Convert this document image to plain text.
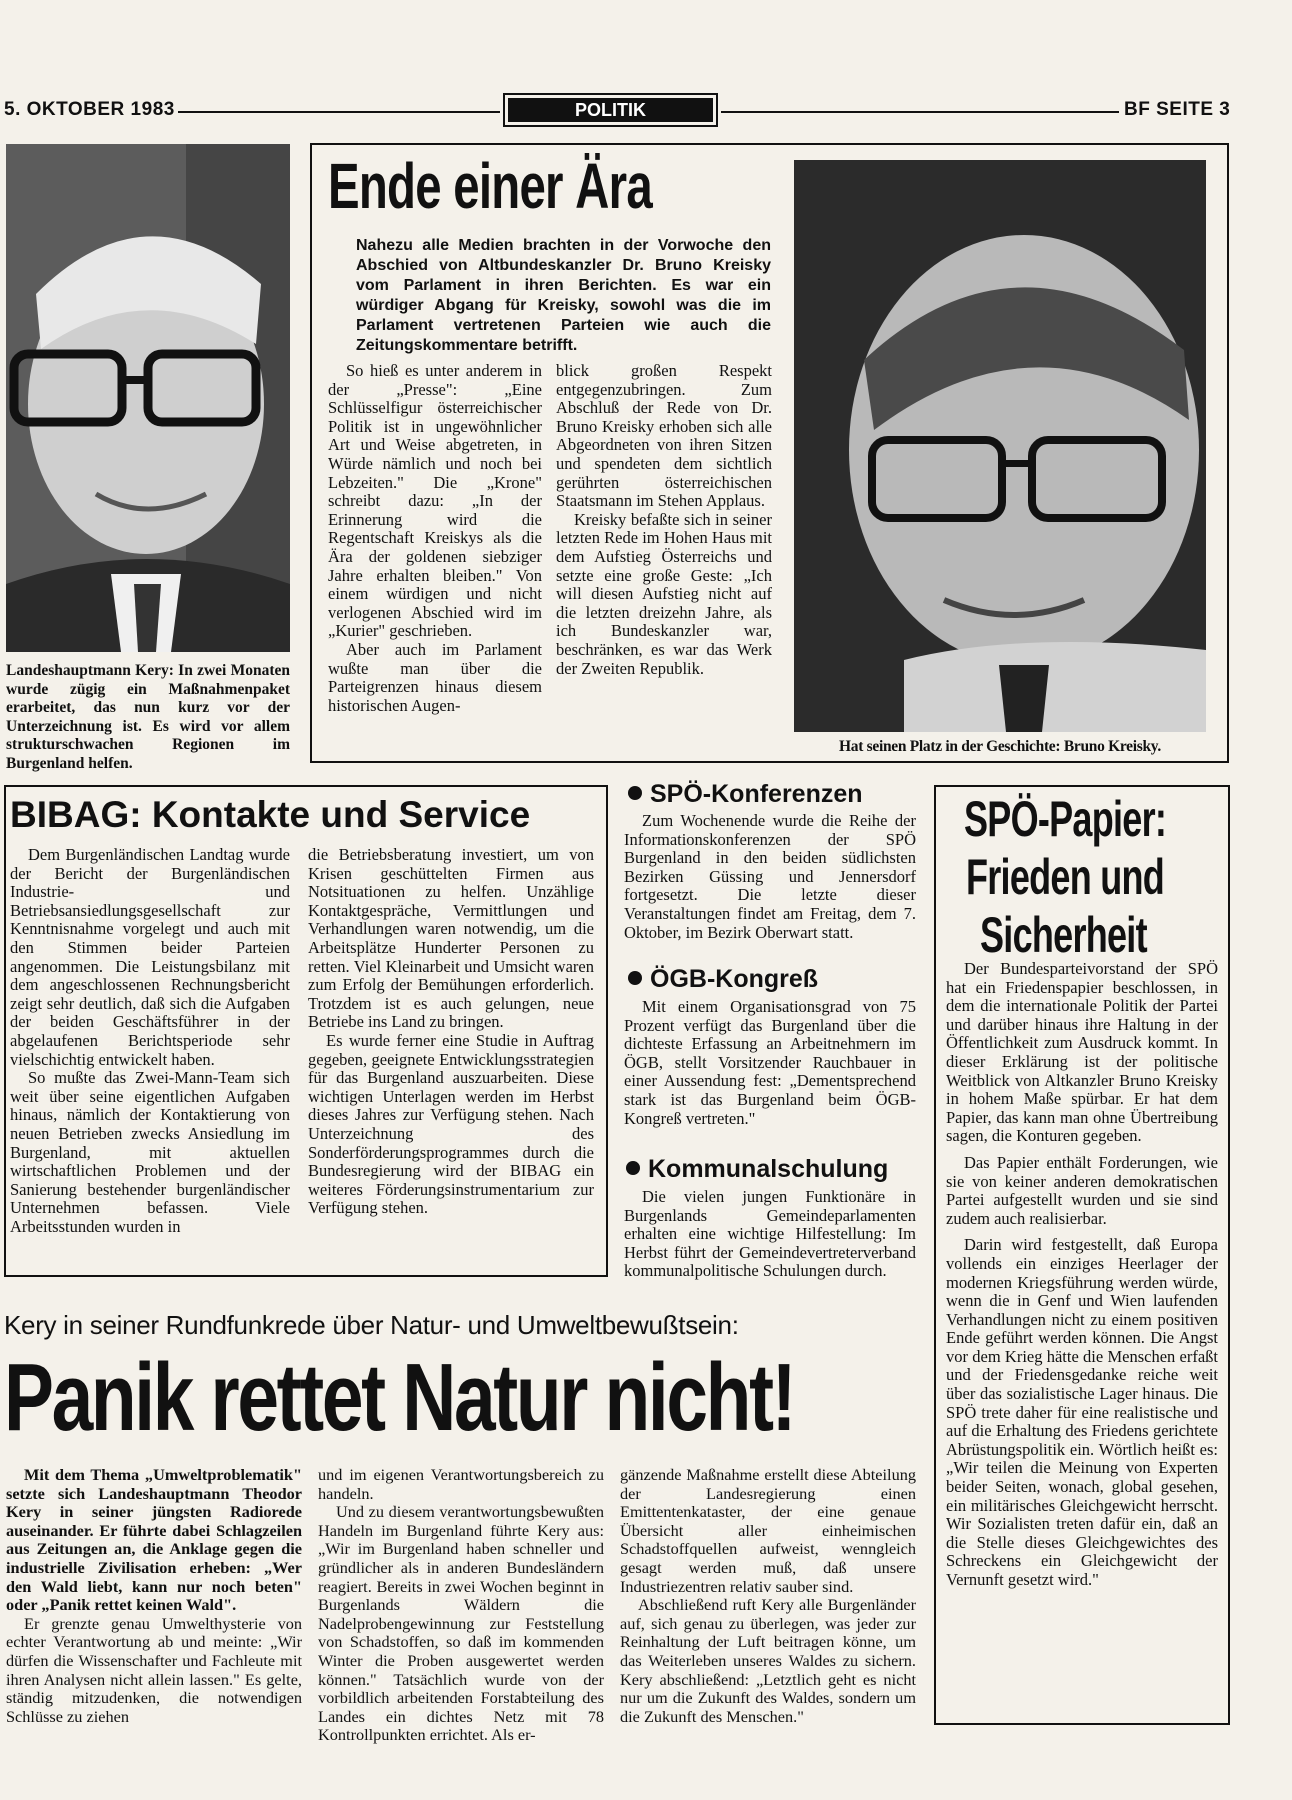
5. OKTOBER 1983	POLITIK	BF SEITE 3
Landeshauptmann Kery: In zwei Monaten wurde zügig ein Maßnahmenpaket erarbeitet, das nun kurz vor der Unterzeichnung ist. Es wird vor allem strukturschwachen Regionen im Burgenland helfen.
Ende einer Ära
Nahezu alle Medien brachten in der Vorwoche den Abschied von Altbundeskanzler Dr. Bruno Kreisky vom Parlament in ihren Berichten. Es war ein würdiger Abgang für Kreisky, sowohl was die im Parlament vertretenen Parteien wie auch die Zeitungskommentare betrifft.

So hieß es unter anderem in der „Presse": „Eine Schlüsselfigur österreichischer Politik ist in ungewöhnlicher Art und Weise abgetreten, in Würde nämlich und noch bei Lebzeiten." Die „Krone" schreibt dazu: „In der Erinnerung wird die Regentschaft Kreiskys als die Ära der goldenen siebziger Jahre erhalten bleiben." Von einem würdigen und nicht verlogenen Abschied wird im „Kurier" geschrieben.

Aber auch im Parlament wußte man über die Parteigrenzen hinaus diesem historischen Augen-

blick großen Respekt entgegenzubringen. Zum Abschluß der Rede von Dr. Bruno Kreisky erhoben sich alle Abgeordneten von ihren Sitzen und spendeten dem sichtlich gerührten österreichischen Staatsmann im Stehen Applaus.

Kreisky befaßte sich in seiner letzten Rede im Hohen Haus mit dem Aufstieg Österreichs und setzte eine große Geste: „Ich will diesen Aufstieg nicht auf die letzten dreizehn Jahre, als ich Bundeskanzler war, beschränken, es war das Werk der Zweiten Republik.

Hat seinen Platz in der Geschichte: Bruno Kreisky.
BIBAG: Kontakte und Service

Dem Burgenländischen Landtag wurde der Bericht der Burgenländischen Industrie- und Betriebsansiedlungsgesellschaft zur Kenntnisnahme vorgelegt und auch mit den Stimmen beider Parteien angenommen. Die Leistungsbilanz mit dem angeschlossenen Rechnungsbericht zeigt sehr deutlich, daß sich die Aufgaben der beiden Geschäftsführer in der abgelaufenen Berichtsperiode sehr vielschichtig entwickelt haben.

So mußte das Zwei-Mann-Team sich weit über seine eigentlichen Aufgaben hinaus, nämlich der Kontaktierung von neuen Betrieben zwecks Ansiedlung im Burgenland, mit aktuellen wirtschaftlichen Problemen und der Sanierung bestehender burgenländischer Unternehmen befassen. Viele Arbeitsstunden wurden in

die Betriebsberatung investiert, um von Krisen geschüttelten Firmen aus Notsituationen zu helfen. Unzählige Kontaktgespräche, Vermittlungen und Verhandlungen waren notwendig, um die Arbeitsplätze Hunderter Personen zu retten. Viel Kleinarbeit und Umsicht waren zum Erfolg der Bemühungen erforderlich. Trotzdem ist es auch gelungen, neue Betriebe ins Land zu bringen.

Es wurde ferner eine Studie in Auftrag gegeben, geeignete Entwicklungsstrategien für das Burgenland auszuarbeiten. Diese wichtigen Unterlagen werden im Herbst dieses Jahres zur Verfügung stehen. Nach Unterzeichnung des Sonderförderungsprogrammes durch die Bundesregierung wird der BIBAG ein weiteres Förderungsinstrumentarium zur Verfügung stehen.

SPÖ-Konferenzen
Zum Wochenende wurde die Reihe der Informationskonferenzen der SPÖ Burgenland in den beiden südlichsten Bezirken Güssing und Jennersdorf fortgesetzt. Die letzte dieser Veranstaltungen findet am Freitag, dem 7. Oktober, im Bezirk Oberwart statt.
ÖGB-Kongreß
Mit einem Organisationsgrad von 75 Prozent verfügt das Burgenland über die dichteste Erfassung an Arbeitnehmern im ÖGB, stellt Vorsitzender Rauchbauer in einer Aussendung fest: „Dementsprechend stark ist das Burgenland beim ÖGB-Kongreß vertreten."
Kommunalschulung
Die vielen jungen Funktionäre in Burgenlands Gemeindeparlamenten erhalten eine wichtige Hilfestellung: Im Herbst führt der Gemeindevertreterverband kommunalpolitische Schulungen durch.
SPÖ-Papier:
Frieden und
Sicherheit

Der Bundesparteivorstand der SPÖ hat ein Friedenspapier beschlossen, in dem die internationale Politik der Partei und darüber hinaus ihre Haltung in der Öffentlichkeit zum Ausdruck kommt. In dieser Erklärung ist der politische Weitblick von Altkanzler Bruno Kreisky in hohem Maße spürbar. Er hat dem Papier, das kann man ohne Übertreibung sagen, die Konturen gegeben.

Das Papier enthält Forderungen, wie sie von keiner anderen demokratischen Partei aufgestellt wurden und sie sind zudem auch realisierbar.

Darin wird festgestellt, daß Europa vollends ein einziges Heerlager der modernen Kriegsführung werden würde, wenn die in Genf und Wien laufenden Verhandlungen nicht zu einem positiven Ende geführt werden können. Die Angst vor dem Krieg hätte die Menschen erfaßt und der Friedensgedanke reiche weit über das sozialistische Lager hinaus. Die SPÖ trete daher für eine realistische und auf die Erhaltung des Friedens gerichtete Abrüstungspolitik ein. Wörtlich heißt es: „Wir teilen die Meinung von Experten beider Seiten, wonach, global gesehen, ein militärisches Gleichgewicht herrscht. Wir Sozialisten treten dafür ein, daß an die Stelle dieses Gleichgewichtes des Schreckens ein Gleichgewicht der Vernunft gesetzt wird."

Kery in seiner Rundfunkrede über Natur- und Umweltbewußtsein:
Panik rettet Natur nicht!

Mit dem Thema „Umweltproblematik" setzte sich Landeshauptmann Theodor Kery in seiner jüngsten Radiorede auseinander. Er führte dabei Schlagzeilen aus Zeitungen an, die Anklage gegen die industrielle Zivilisation erheben: „Wer den Wald liebt, kann nur noch beten" oder „Panik rettet keinen Wald".

Er grenzte genau Umwelthysterie von echter Verantwortung ab und meinte: „Wir dürfen die Wissenschafter und Fachleute mit ihren Analysen nicht allein lassen." Es gelte, ständig mitzudenken, die notwendigen Schlüsse zu ziehen

und im eigenen Verantwortungsbereich zu handeln.

Und zu diesem verantwortungsbewußten Handeln im Burgenland führte Kery aus: „Wir im Burgenland haben schneller und gründlicher als in anderen Bundesländern reagiert. Bereits in zwei Wochen beginnt in Burgenlands Wäldern die Nadelprobengewinnung zur Feststellung von Schadstoffen, so daß im kommenden Winter die Proben ausgewertet werden können." Tatsächlich wurde von der vorbildlich arbeitenden Forstabteilung des Landes ein dichtes Netz mit 78 Kontrollpunkten errichtet. Als er-

gänzende Maßnahme erstellt diese Abteilung der Landesregierung einen Emittentenkataster, der eine genaue Übersicht aller einheimischen Schadstoffquellen aufweist, wenngleich gesagt werden muß, daß unsere Industriezentren relativ sauber sind.

Abschließend ruft Kery alle Burgenländer auf, sich genau zu überlegen, was jeder zur Reinhaltung der Luft beitragen könne, um das Weiterleben unseres Waldes zu sichern. Kery abschließend: „Letztlich geht es nicht nur um die Zukunft des Waldes, sondern um die Zukunft des Menschen."
